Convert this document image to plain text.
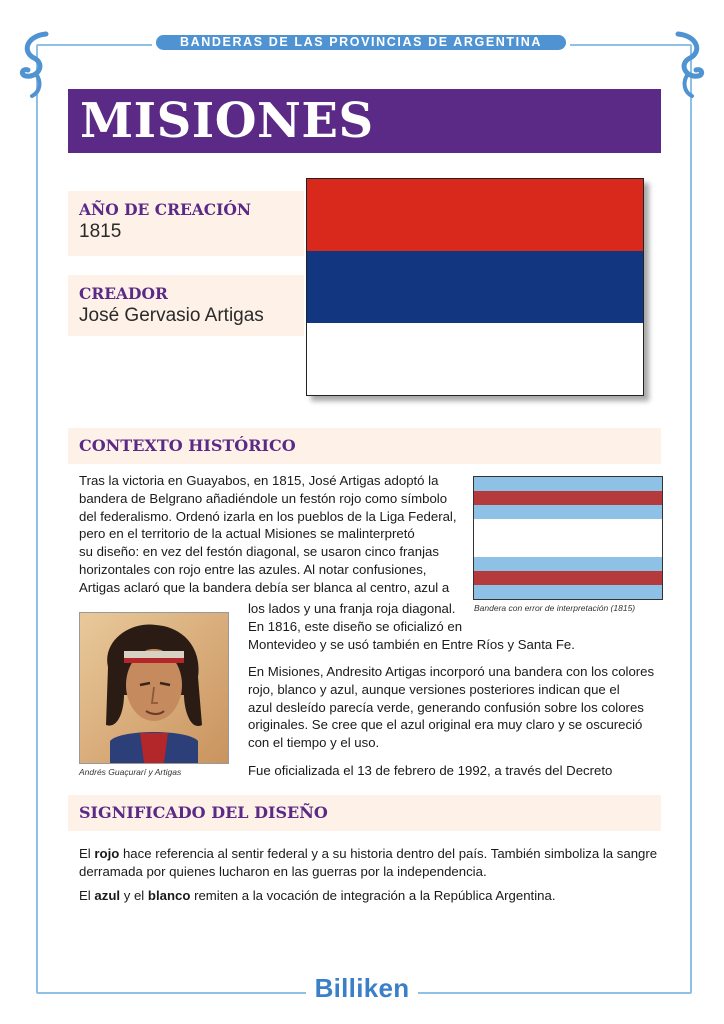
BANDERAS DE LAS PROVINCIAS DE ARGENTINA
MISIONES
AÑO DE CREACIÓN
1815
CREADOR
José Gervasio Artigas
CONTEXTO HISTÓRICO
Tras la victoria en Guayabos, en 1815, José Artigas adoptó la
bandera de Belgrano añadiéndole un festón rojo como símbolo
del federalismo. Ordenó izarla en los pueblos de la Liga Federal,
pero en el territorio de la actual Misiones se malinterpretó
su diseño: en vez del festón diagonal, se usaron cinco franjas
horizontales con rojo entre las azules. Al notar confusiones,
Artigas aclaró que la bandera debía ser blanca al centro, azul a
los lados y una franja roja diagonal.
En 1816, este diseño se oficializó en
Montevideo y se usó también en Entre Ríos y Santa Fe.
En Misiones, Andresito Artigas incorporó una bandera con los colores
rojo, blanco y azul, aunque versiones posteriores indican que el
azul desleído parecía verde, generando confusión sobre los colores
originales. Se cree que el azul original era muy claro y se oscureció
con el tiempo y el uso.
Fue oficializada el 13 de febrero de 1992, a través del Decreto
Bandera con error de interpretación (1815)
Andrés Guaçurarí y Artigas
SIGNIFICADO DEL DISEÑO
El rojo hace referencia al sentir federal y a su historia dentro del país. También simboliza la sangre
derramada por quienes lucharon en las guerras por la independencia.
El azul y el blanco remiten a la vocación de integración a la República Argentina.
Billiken
